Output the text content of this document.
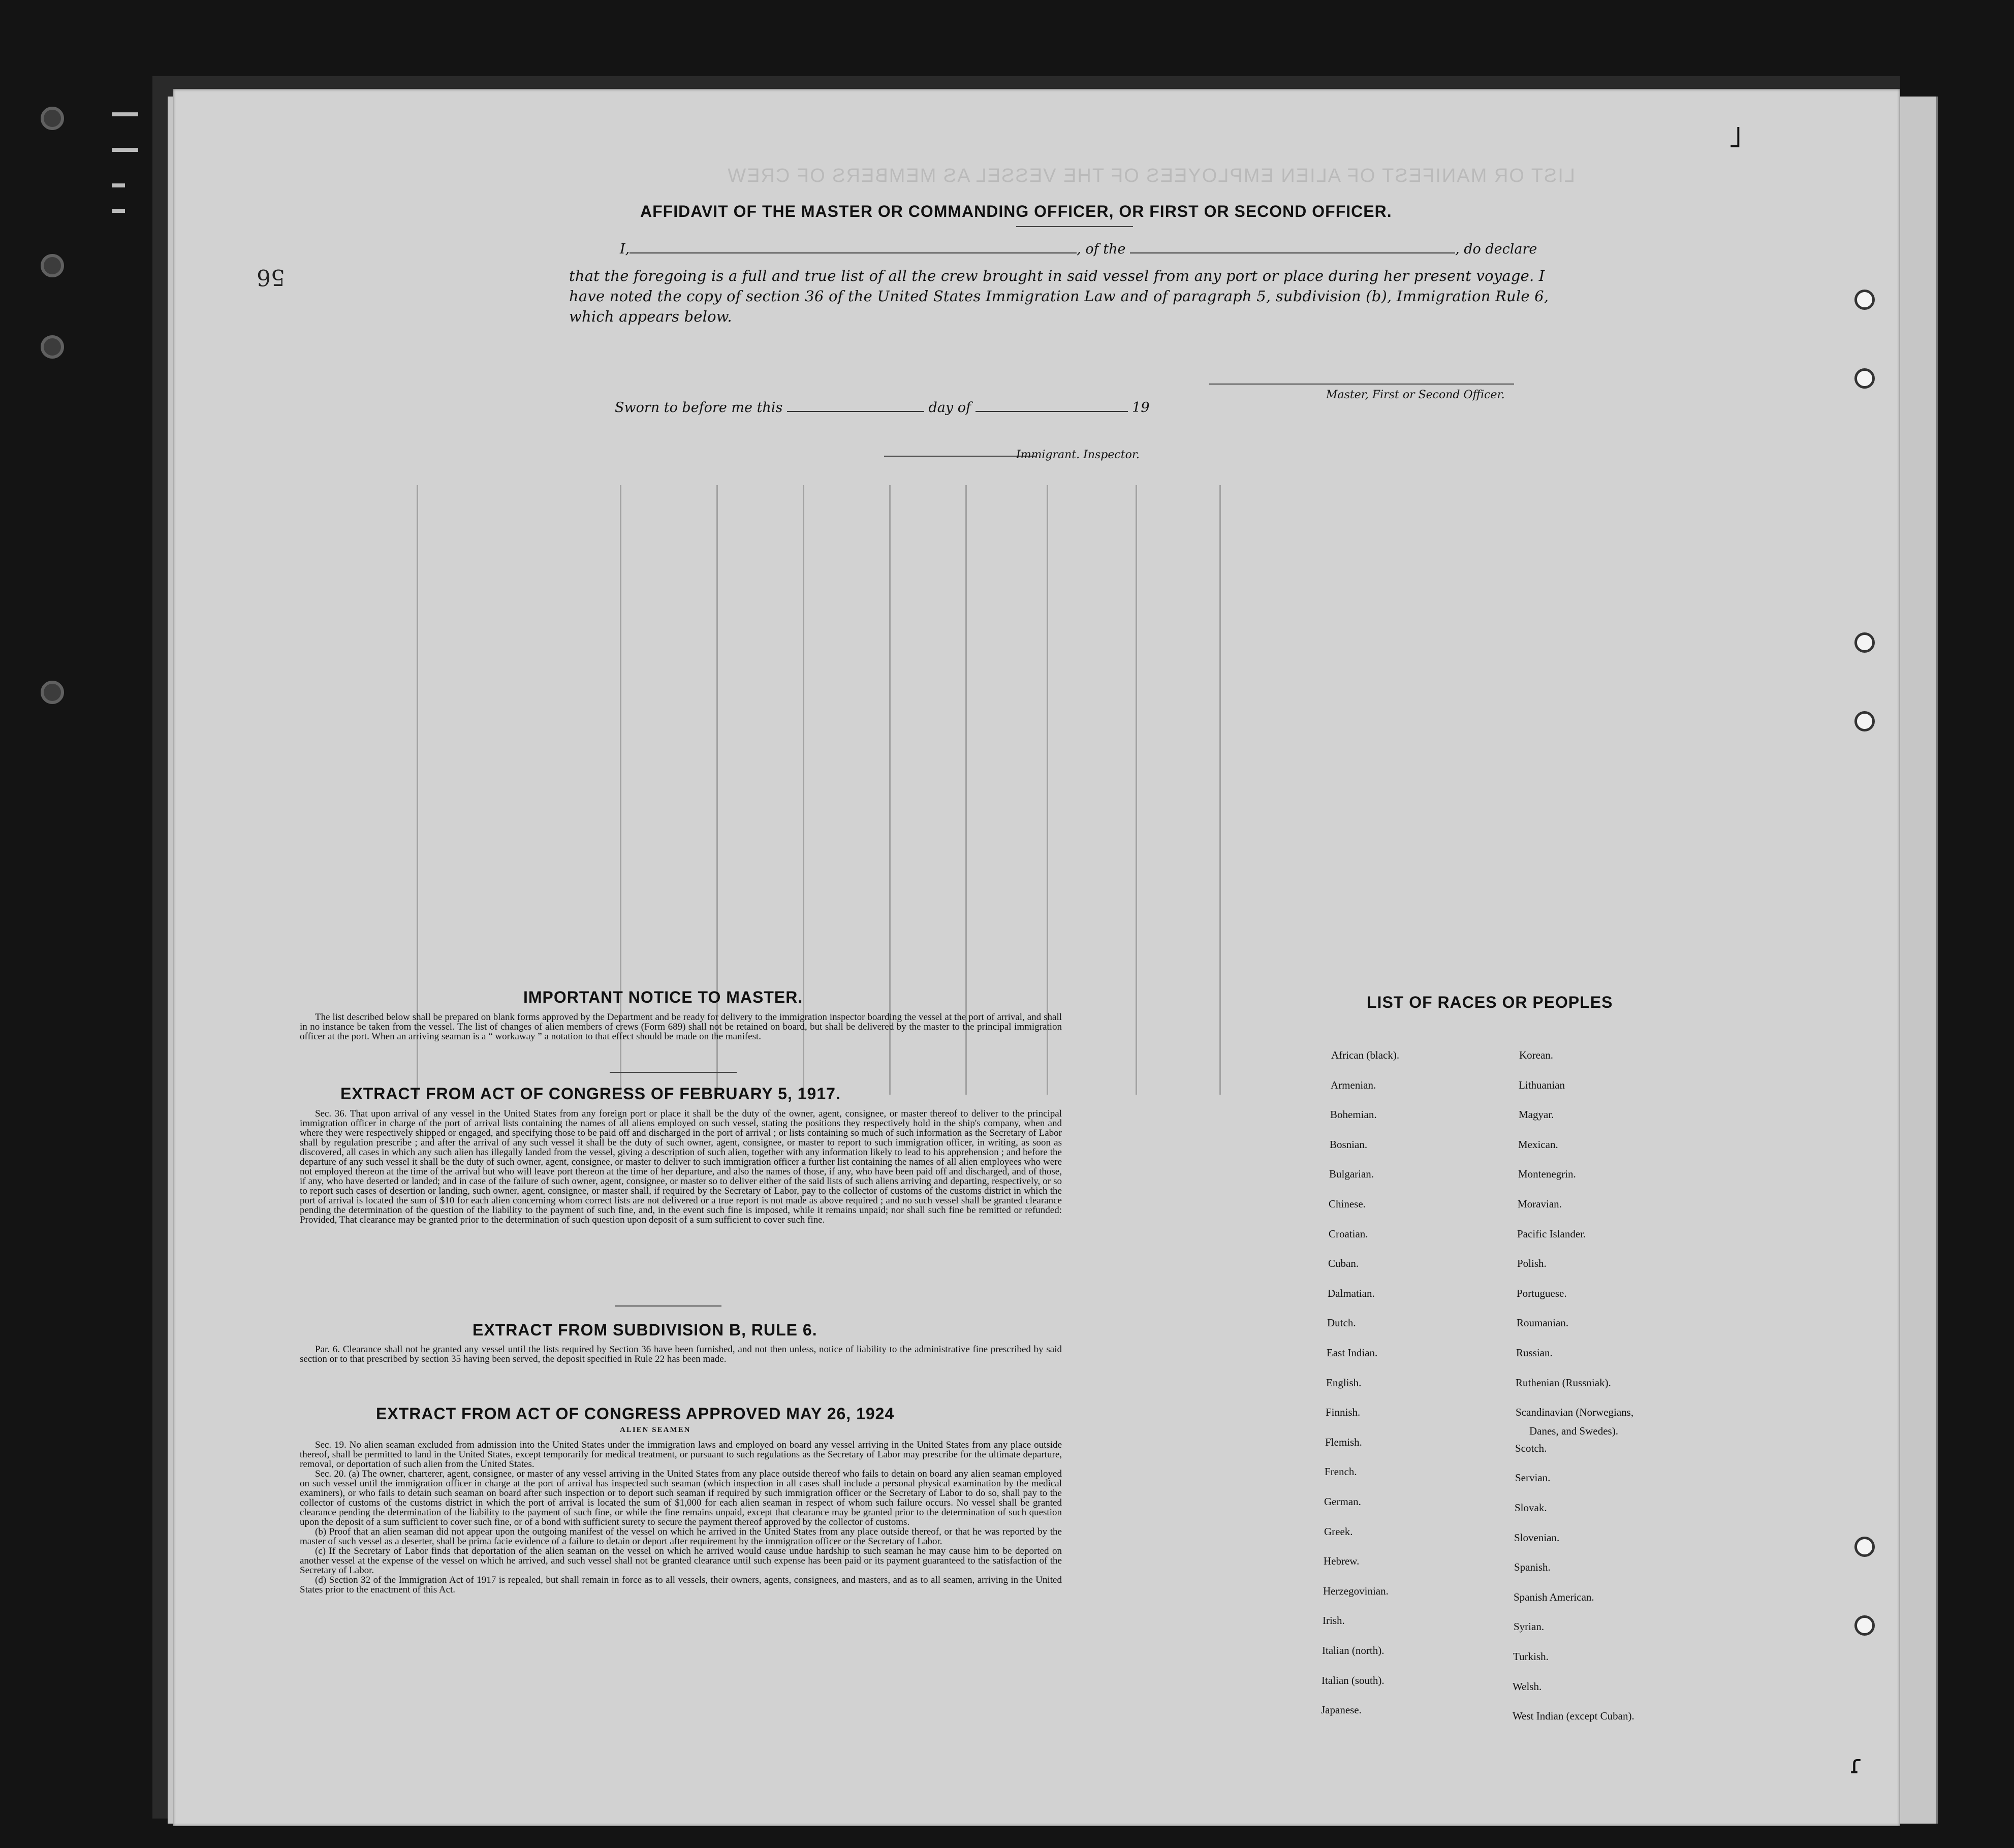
▬▬
▬▬
▬
▬
LIST OR MANIFEST OF ALIEN EMPLOYEES OF THE VESSEL AS MEMBERS OF CREW
˩
ɾ
56
AFFIDAVIT OF THE MASTER OR COMMANDING OFFICER, OR FIRST OR SECOND OFFICER.
I,	, of the	, do declare
that the foregoing is a full and true list of all the crew brought in said vessel from any port or place during her present voyage. I have noted the copy of section 36 of the United States Immigration Law and of paragraph 5, subdivision (b), Immigration Rule 6, which appears below.
Master, First or Second Officer.
Sworn to before me this	day of	19
Immigrant. Inspector.
IMPORTANT NOTICE TO MASTER.

The list described below shall be prepared on blank forms approved by the Department and be ready for delivery to the immigration inspector boarding the vessel at the port of arrival, and shall in no instance be taken from the vessel. The list of changes of alien members of crews (Form 689) shall not be retained on board, but shall be delivered by the master to the principal immigration officer at the port. When an arriving seaman is a “ workaway ” a notation to that effect should be made on the manifest.

EXTRACT FROM ACT OF CONGRESS OF FEBRUARY 5, 1917.

Sec. 36. That upon arrival of any vessel in the United States from any foreign port or place it shall be the duty of the owner, agent, consignee, or master thereof to deliver to the principal immigration officer in charge of the port of arrival lists containing the names of all aliens employed on such vessel, stating the positions they respectively hold in the ship's company, when and where they were respectively shipped or engaged, and specifying those to be paid off and discharged in the port of arrival ; or lists containing so much of such information as the Secretary of Labor shall by regulation prescribe ; and after the arrival of any such vessel it shall be the duty of such owner, agent, consignee, or master to report to such immigration officer, in writing, as soon as discovered, all cases in which any such alien has illegally landed from the vessel, giving a description of such alien, together with any information likely to lead to his apprehension ; and before the departure of any such vessel it shall be the duty of such owner, agent, consignee, or master to deliver to such immigration officer a further list containing the names of all alien employees who were not employed thereon at the time of the arrival but who will leave port thereon at the time of her departure, and also the names of those, if any, who have been paid off and discharged, and of those, if any, who have deserted or landed; and in case of the failure of such owner, agent, consignee, or master so to deliver either of the said lists of such aliens arriving and departing, respectively, or so to report such cases of desertion or landing, such owner, agent, consignee, or master shall, if required by the Secretary of Labor, pay to the collector of customs of the customs district in which the port of arrival is located the sum of $10 for each alien concerning whom correct lists are not delivered or a true report is not made as above required ; and no such vessel shall be granted clearance pending the determination of the question of the liability to the payment of such fine, and, in the event such fine is imposed, while it remains unpaid; nor shall such fine be remitted or refunded: Provided, That clearance may be granted prior to the determination of such question upon deposit of a sum sufficient to cover such fine.

EXTRACT FROM SUBDIVISION B, RULE 6.

Par. 6. Clearance shall not be granted any vessel until the lists required by Section 36 have been furnished, and not then unless, notice of liability to the administrative fine prescribed by said section or to that prescribed by section 35 having been served, the deposit specified in Rule 22 has been made.

EXTRACT FROM ACT OF CONGRESS APPROVED MAY 26, 1924
ALIEN SEAMEN

Sec. 19. No alien seaman excluded from admission into the United States under the immigration laws and employed on board any vessel arriving in the United States from any place outside thereof, shall be permitted to land in the United States, except temporarily for medical treatment, or pursuant to such regulations as the Secretary of Labor may prescribe for the ultimate departure, removal, or deportation of such alien from the United States.

Sec. 20. (a) The owner, charterer, agent, consignee, or master of any vessel arriving in the United States from any place outside thereof who fails to detain on board any alien seaman employed on such vessel until the immigration officer in charge at the port of arrival has inspected such seaman (which inspection in all cases shall include a personal physical examination by the medical examiners), or who fails to detain such seaman on board after such inspection or to deport such seaman if required by such immigration officer or the Secretary of Labor to do so, shall pay to the collector of customs of the customs district in which the port of arrival is located the sum of $1,000 for each alien seaman in respect of whom such failure occurs. No vessel shall be granted clearance pending the determination of the liability to the payment of such fine, or while the fine remains unpaid, except that clearance may be granted prior to the determination of such question upon the deposit of a sum sufficient to cover such fine, or of a bond with sufficient surety to secure the payment thereof approved by the collector of customs.

(b) Proof that an alien seaman did not appear upon the outgoing manifest of the vessel on which he arrived in the United States from any place outside thereof, or that he was reported by the master of such vessel as a deserter, shall be prima facie evidence of a failure to detain or deport after requirement by the immigration officer or the Secretary of Labor.

(c) If the Secretary of Labor finds that deportation of the alien seaman on the vessel on which he arrived would cause undue hardship to such seaman he may cause him to be deported on another vessel at the expense of the vessel on which he arrived, and such vessel shall not be granted clearance until such expense has been paid or its payment guaranteed to the satisfaction of the Secretary of Labor.

(d) Section 32 of the Immigration Act of 1917 is repealed, but shall remain in force as to all vessels, their owners, agents, consignees, and masters, and as to all seamen, arriving in the United States prior to the enactment of this Act.

LIST OF RACES OR PEOPLES
African (black).
Armenian.
Bohemian.
Bosnian.
Bulgarian.
Chinese.
Croatian.
Cuban.
Dalmatian.
Dutch.
East Indian.
English.
Finnish.
Flemish.
French.
German.
Greek.
Hebrew.
Herzegovinian.
Irish.
Italian (north).
Italian (south).
Japanese.
Korean.
Lithuanian
Magyar.
Mexican.
Montenegrin.
Moravian.
Pacific Islander.
Polish.
Portuguese.
Roumanian.
Russian.
Ruthenian (Russniak).
Scandinavian (Norwegians,
Scotch.
Servian.
Slovak.
Slovenian.
Spanish.
Spanish American.
Syrian.
Turkish.
Welsh.
West Indian (except Cuban).
Danes, and Swedes).
